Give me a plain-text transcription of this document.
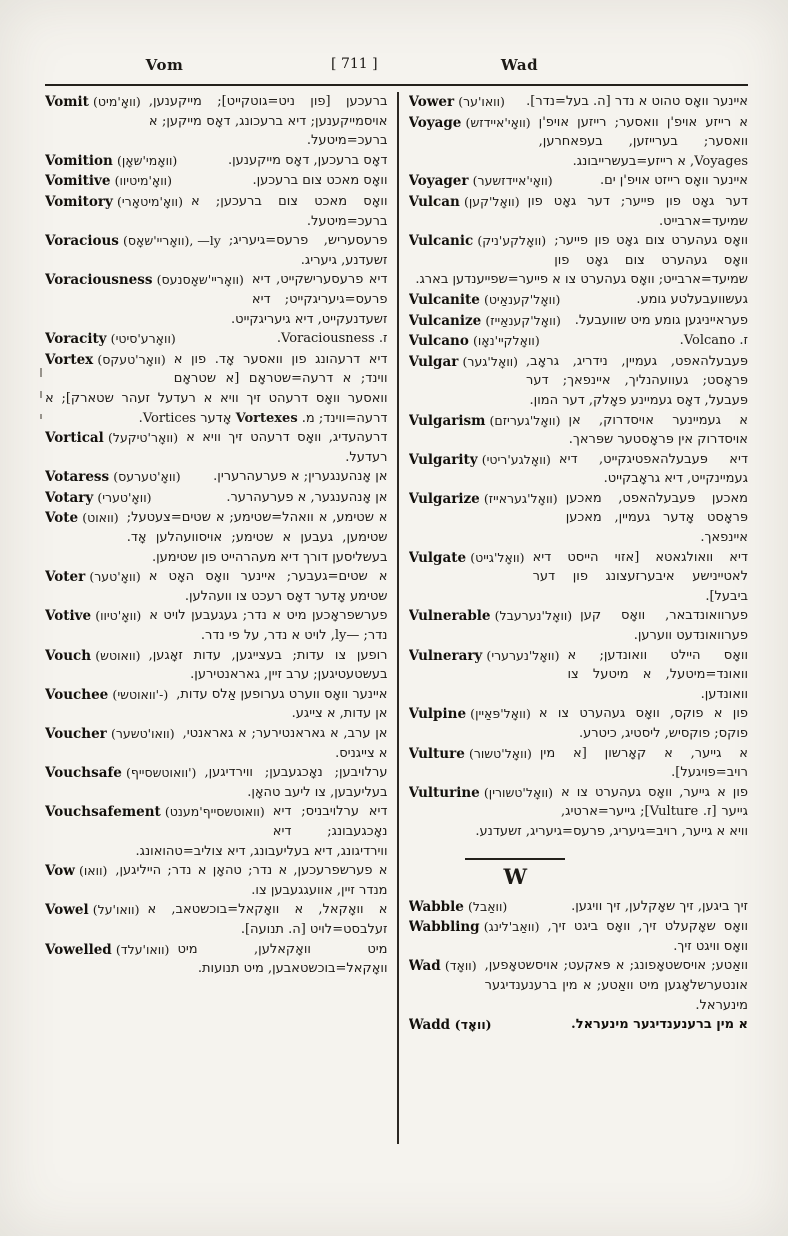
Vom	[ 711 ]	Wad

Vomit (וואָ'מיט) ברעכען [פון ניט=גוטקייט]; מייקענען, אויסמייקענען; דיא ברעכונג, דאָס מייקען; א ברעכ=מיטעל.

Vomition (וואָמי'שאָן)	דאָס ברעכען, דאָס מייקענען.

Vomitive (וואָ'מיטיוו)	וואָס מאכט צום ברעכען.

Vomitory (וואָ'מיטאָרי) וואָס מאכט צום ברעכען; א ברעכ=מיטעל.

Voracious (וואָריי'שאָס), —ly פרעסעריש, פרעס=גיעריג; זשעדנע, גיעריג.

Voraciousness (וואָריי'שאָסנעס) דיא פרעסערישקייט, דיא פרעס=גיעריגקייט; דיא זשעדנעקייט, דיא גיעריגקייט.

Voracity (וואָרע'סיטי)	ז. Voraciousness.

Vortex (וואָר'טעקס) דיא דרעהונג פון וואסער אָד. פון א ווינד; א דרעה=שטראָם [א שטראָם וואסער וואָס דרעהט זיך וויא א רעדעל זעהר שטארק]; א דרעה=ווינד; מ. Vortexes אָדער Vortices.

Vortical (וואָר'טיקעל) דרעהעדיג, וואָס דרעהט זיך וויא א רעדעל.

Votaress (וואָ'טערעס)	אן אָנהענגערין; א פערעהרערין.

Votary (וואָ'טערי)	אן אָנהענגער, א פערעהרער.

Vote (וואוט) א שטימע, א וואהל=שטימע; א שטים=צעטעל; שטימען, געבען א שטימע; אויסוועהלען אָד. בעשליסען דורך דיא מעהרהייט פון שטימען.

Voter (וואָ'טער) א שטים=געבער; איינער וואָס האָט א שטימע אָדער דאָס רעכט צו וועהלען.

Votive (וואָ'טיוו) פערשפראָכען מיט א נדר; געגעבען לויט א נדר; —ly, לויט א נדר, על פי נדר.

Vouch (וואוטש) רופען צו עדות; בעצייגען, עדות זאָגען, בעשטעטיגען; ערב זיין, גאראנטירען.

Vouchee (וואוטשי'-) איינער וואָס ווערט גערופען אַלס עדות, אן עדות, א צייגע.

Voucher (וואו'טשער) אן ערב, א גאראנטירער; א גאראנטי, א צייגניס.

Vouchsafe (וואוטשסייף') ערלויבען; נאָכגעבען; ווירדיגען, בעליעבען, צו ליעב טהאָן.

Vouchsafement (וואוטשסייף'מענט) דיא ערלויבניס; דיא נאָכגעבונג; דיא ווירדיגונג, דיא בעליעבונג, דיא צוליב=טהואונג.

Vow (וואו) א פערשפרעכען, א נדר; טהאָן א נדר; הייליגען, מנדר זיין, אוועגגעבען צו.

Vowel (וואו'על) א וואָקאל, א וואָקאל=בוכשטאב, א זעלבסט=לויט [ה. תנועה].

Vowelled (וואו'עלד) מיט וואָקאלען, מיט וואָקאל=בוכשטאבען, מיט תנועות.

Vower (וואו'ער) איינער וואָס טהוט א נדר [ה. בעל=נדר].

Voyage (וואָי'איידזש) א רייזע אויפ'ן וואסער; רייזען אויפ'ן וואסער; בערייזען, בעפאחרען, Voyages, א רייזע=בעשרייבונג.

Voyager (וואָי'איידזשער)	איינער וואָס רייזט אויפ'ן ים.

Vulcan (וואָל'קען) דער גאָט פון פייער; דער גאָט פון שמיעד=ארבייט.

Vulcanic (וואָלקע'ניק) וואָס געהערט צום גאָט פון פייער; וואָס געהערט צום גאָט פון שמיעד=ארבייט; וואָס געהערט צו א פייער=שפייענדען בארג.

Vulcanite (וואָל'קענאַיט)	געשוועבעלטע גומע.

Vulcanize (וואָל'קענאַייז) פעראייניגען גומע מיט שוועבעל.

Vulcano (וואָלקיי'נאָו)	ז. Volcano.

Vulgar (וואָל'גער) פּעבעלהאפט, געמיין, נידריג, גראָב, פּראָסט; געוועהנליך, איינפאך; דער פּעבעל, דאָס געמיינע פאָלק, דער המון.

Vulgarism (וואָל'געריזם) א געמיינער אויסדרוק, אן אויסדרוק אין פּראָסטער שפּראך.

Vulgarity (וואָלגע'ריטי) דיא פּעבעלהאפטיגקייט, דיא געמיינקייט, דיא גראָבקייט.

Vulgarize (וואָל'געראייז) מאכען פּעבעלהאפט, מאכען פּראָסט אָדער געמיין, מאכען איינפאך.

Vulgate (וואָל'גייט) דיא וואולגאטא [אזוי הייסט דיא לאטיינישע איבערזעצונג פון דער ביבעל].

Vulnerable (וואָל'נערעבל) פערוואונדבאר, וואָס קען פערוואונדעט ווערען.

Vulnerary (וואָל'נערערי) וואָס היילט וואונדען; א וואונד=מיטעל, א מיטעל צו וואונדען.

Vulpine (וואָל'פּאַיין) פון א פוקס, וואָס געהערט צו א פוקס; פוקסיש, ליסטיג, כיטרע.

Vulture (וואָל'טשור) א גייער, א קאָרשון [א מין רויב=פויגעל].

Vulturine (וואָל'טשורין) פון א גייער, וואָס געהערט צו א גייער [ז. Vulture]; גייער=ארטיג, וויא א גייער, רויב=גיעריג, פרעס=גיעריג, זשעדנע.

W

Wabble (וואַבל)	זיך ביגען, זיך שאָקלען, זיך וויגען.

Wabbling (וואַב'לינג) וואָס שאָקעלט זיך, וואָס ביגט זיך, וואָס וויגט זיך.

Wad (וואָד) וואַטע; אויסשטאָפונג; א פּאקעט; אויסשטאָפען, אונטערשלאָגען מיט וואַטע; א מין ברענענדיגער מינעראל.

Wadd (וואָד)	א מין ברענענדיגער מינעראל.
